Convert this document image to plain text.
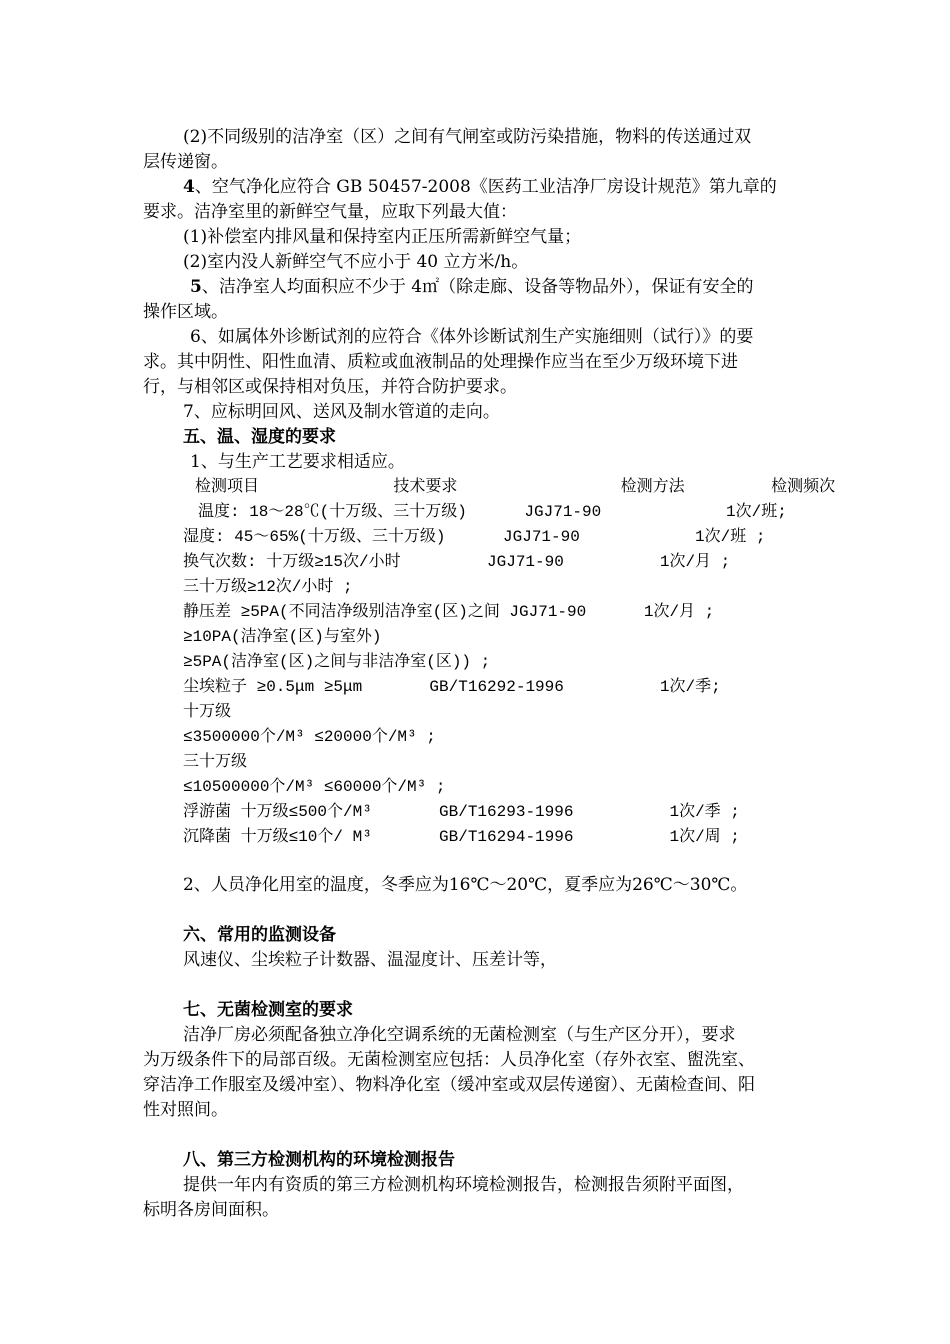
(2)不同级别的洁净室（区）之间有气闸室或防污染措施，物料的传送通过双
层传递窗。
4、空气净化应符合 GB 50457-2008《医药工业洁净厂房设计规范》第九章的
要求。洁净室里的新鲜空气量，应取下列最大值：
(1)补偿室内排风量和保持室内正压所需新鲜空气量；
(2)室内没人新鲜空气不应小于 40 立方米/h。
5、洁净室人均面积应不少于 4㎡（除走廊、设备等物品外），保证有安全的
操作区域。
6、如属体外诊断试剂的应符合《体外诊断试剂生产实施细则（试行）》的要
求。其中阴性、阳性血清、质粒或血液制品的处理操作应当在至少万级环境下进
行，与相邻区或保持相对负压，并符合防护要求。
7、应标明回风、送风及制水管道的走向。
五、温、湿度的要求
1、与生产工艺要求相适应。
检测项目              技术要求                 检测方法         检测频次
温度: 18～28℃(十万级、三十万级)      JGJ71-90             1次/班;
湿度: 45～65%(十万级、三十万级)      JGJ71-90            1次/班 ;
换气次数: 十万级≥15次/小时         JGJ71-90          1次/月 ;
三十万级≥12次/小时 ;
静压差 ≥5PA(不同洁净级别洁净室(区)之间 JGJ71-90      1次/月 ;
≥10PA(洁净室(区)与室外)
≥5PA(洁净室(区)之间与非洁净室(区)) ;
尘埃粒子 ≥0.5μm ≥5μm       GB/T16292-1996          1次/季;
十万级
≤3500000个/M³ ≤20000个/M³ ;
三十万级
≤10500000个/M³ ≤60000个/M³ ;
浮游菌 十万级≤500个/M³       GB/T16293-1996          1次/季 ;
沉降菌 十万级≤10个/ M³       GB/T16294-1996          1次/周 ;
2、人员净化用室的温度，冬季应为16℃～20℃，夏季应为26℃～30℃。
六、常用的监测设备
风速仪、尘埃粒子计数器、温湿度计、压差计等，
七、无菌检测室的要求
洁净厂房必须配备独立净化空调系统的无菌检测室（与生产区分开），要求
为万级条件下的局部百级。无菌检测室应包括：人员净化室（存外衣室、盥洗室、
穿洁净工作服室及缓冲室）、物料净化室（缓冲室或双层传递窗）、无菌检查间、阳
性对照间。
八、第三方检测机构的环境检测报告
提供一年内有资质的第三方检测机构环境检测报告，检测报告须附平面图，
标明各房间面积。
